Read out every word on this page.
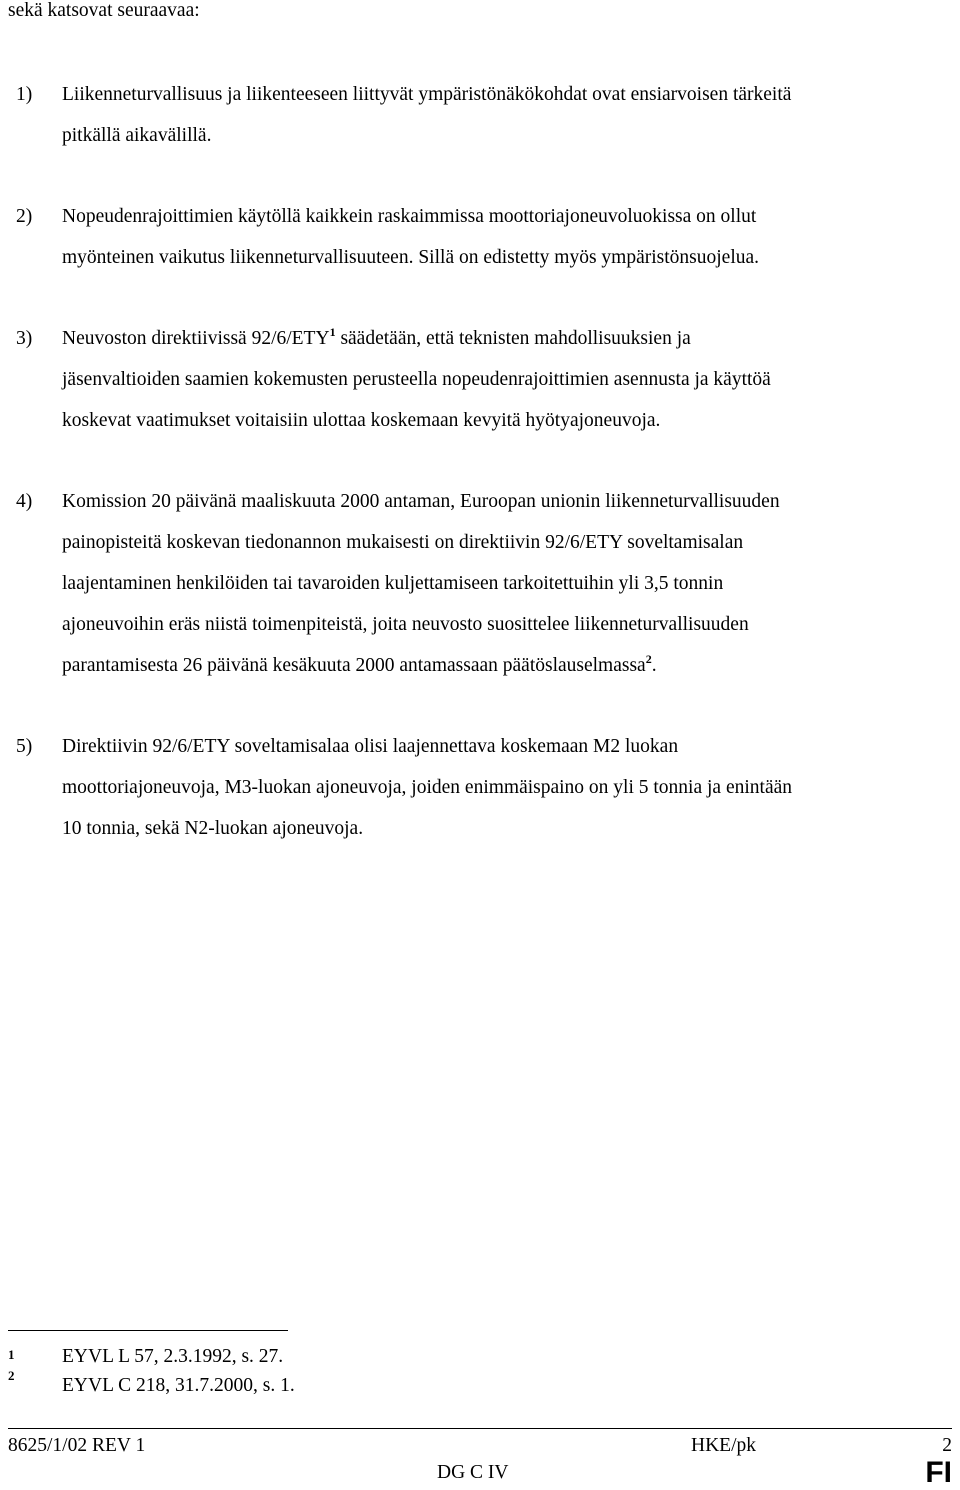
sekä katsovat seuraavaa:
1) Liikenneturvallisuus ja liikenteeseen liittyvät ympäristönäkökohdat ovat ensiarvoisen tärkeitä
pitkällä aikavälillä.
2) Nopeudenrajoittimien käytöllä kaikkein raskaimmissa moottoriajoneuvoluokissa on ollut
myönteinen vaikutus liikenneturvallisuuteen. Sillä on edistetty myös ympäristönsuojelua.
3) Neuvoston direktiivissä 92/6/ETY$^1$ säädetään, että teknisten mahdollisuuksien ja
jäsenvaltioiden saamien kokemusten perusteella nopeudenrajoittimien asennusta ja käyttöä
koskevat vaatimukset voitaisiin ulottaa koskemaan kevyitä hyötyajoneuvoja.
4) Komission 20 päivänä maaliskuuta 2000 antaman, Euroopan unionin liikenneturvallisuuden
painopisteitä koskevan tiedonannon mukaisesti on direktiivin 92/6/ETY soveltamisalan
laajentaminen henkilöiden tai tavaroiden kuljettamiseen tarkoitettuihin yli 3,5 tonnin
ajoneuvoihin eräs niistä toimenpiteistä, joita neuvosto suosittelee liikenneturvallisuuden
parantamisesta 26 päivänä kesäkuuta 2000 antamassaan päätöslauselmassa$^2$.
5) Direktiivin 92/6/ETY soveltamisalaa olisi laajennettava koskemaan M2 luokan
moottoriajoneuvoja, M3-luokan ajoneuvoja, joiden enimmäispaino on yli 5 tonnia ja enintään
10 tonnia, sekä N2-luokan ajoneuvoja.
1 EYVL L 57, 2.3.1992, s. 27.
2 EYVL C 218, 31.7.2000, s. 1.
8625/1/02 REV 1	HKE/pk	2
DG C IV	FI
